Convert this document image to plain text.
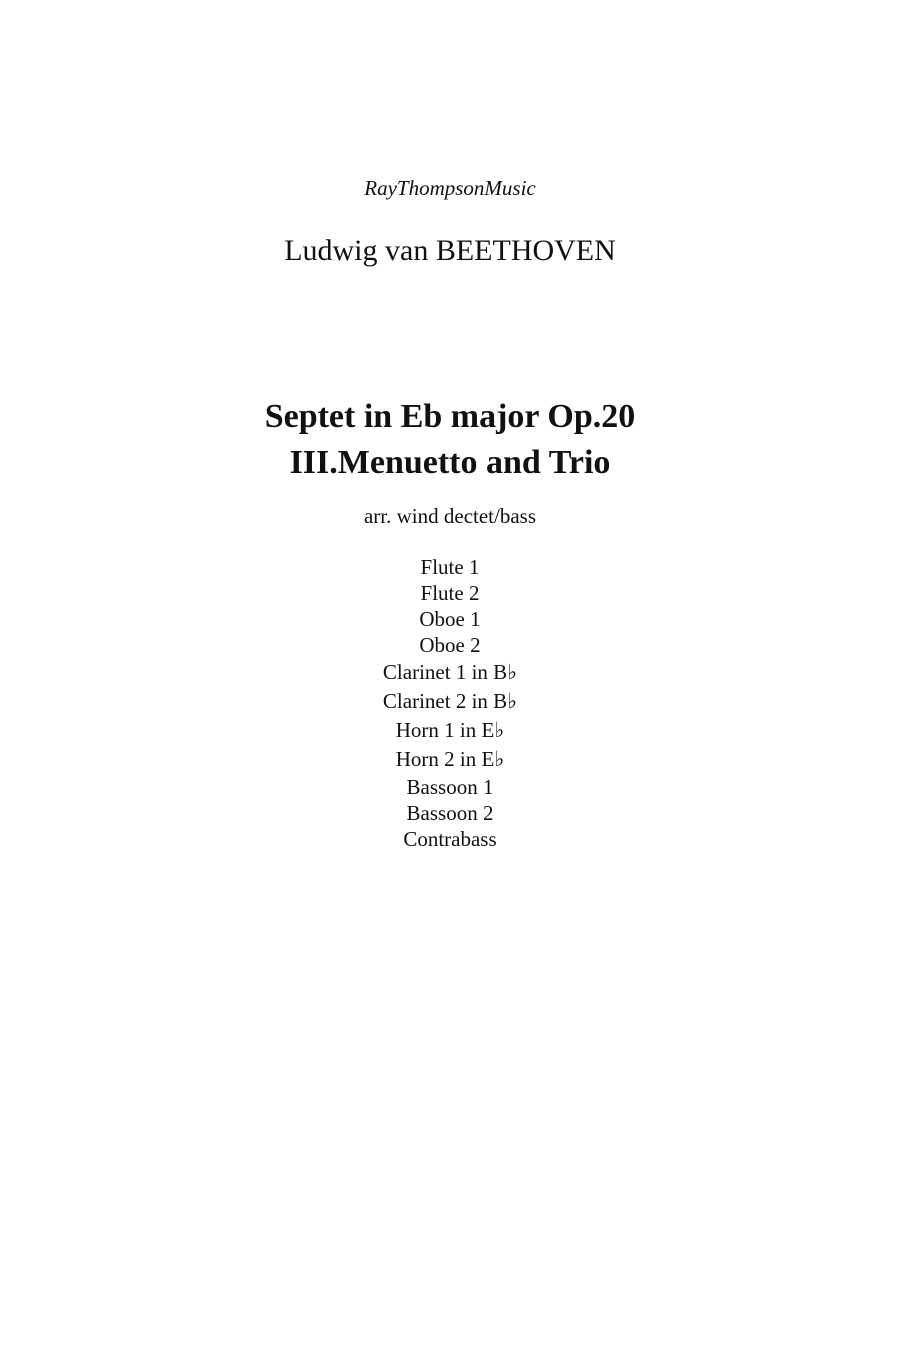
RayThompsonMusic
Ludwig van BEETHOVEN
Septet in Eb major Op.20
III.Menuetto and Trio
arr. wind dectet/bass
Flute 1
Flute 2
Oboe 1
Oboe 2
Clarinet 1 in B♭
Clarinet 2 in B♭
Horn 1 in E♭
Horn 2 in E♭
Bassoon 1
Bassoon 2
Contrabass
